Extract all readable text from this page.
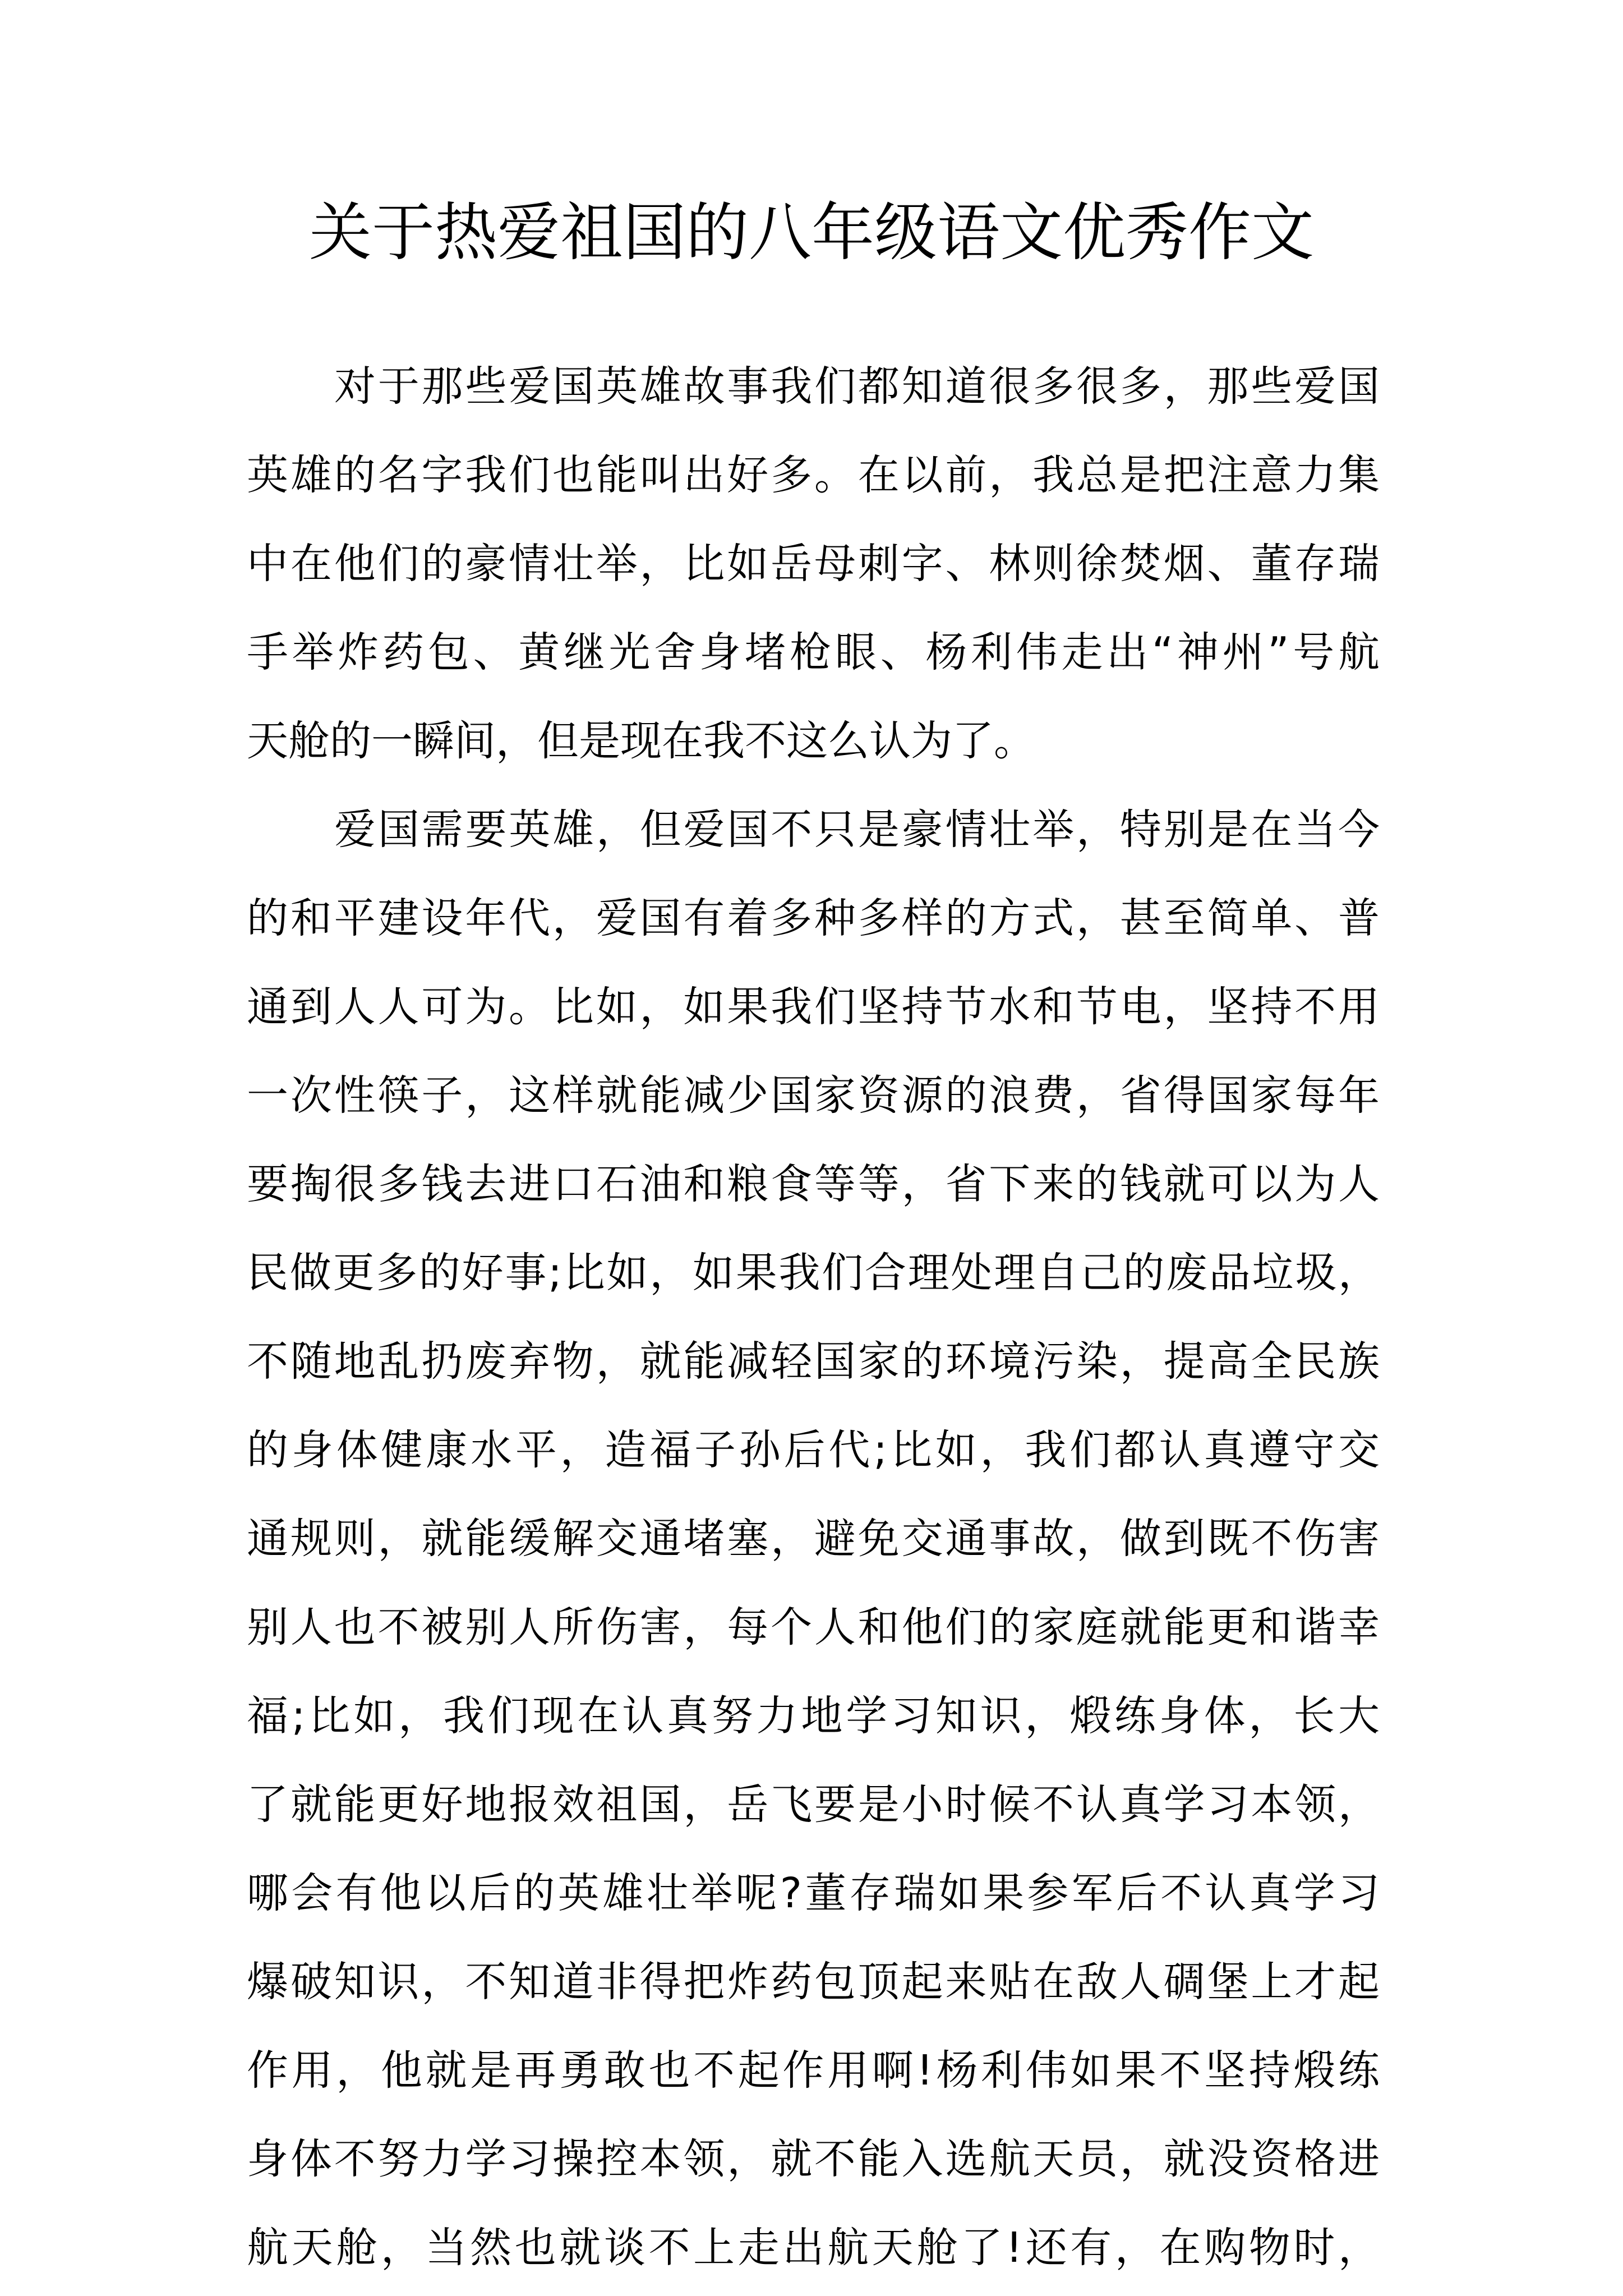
关于热爱祖国的八年级语文优秀作文
对于那些爱国英雄故事我们都知道很多很多，那些爱国
英雄的名字我们也能叫出好多。在以前，我总是把注意力集
中在他们的豪情壮举，比如岳母刺字、林则徐焚烟、董存瑞
手举炸药包、黄继光舍身堵枪眼、杨利伟走出“神州”号航
天舱的一瞬间，但是现在我不这么认为了。
爱国需要英雄，但爱国不只是豪情壮举，特别是在当今
的和平建设年代，爱国有着多种多样的方式，甚至简单、普
通到人人可为。比如，如果我们坚持节水和节电，坚持不用
一次性筷子，这样就能减少国家资源的浪费，省得国家每年
要掏很多钱去进口石油和粮食等等，省下来的钱就可以为人
民做更多的好事;比如，如果我们合理处理自己的废品垃圾，
不随地乱扔废弃物，就能减轻国家的环境污染，提高全民族
的身体健康水平，造福子孙后代;比如，我们都认真遵守交
通规则，就能缓解交通堵塞，避免交通事故，做到既不伤害
别人也不被别人所伤害，每个人和他们的家庭就能更和谐幸
福;比如，我们现在认真努力地学习知识，煅练身体，长大
了就能更好地报效祖国，岳飞要是小时候不认真学习本领，
哪会有他以后的英雄壮举呢?董存瑞如果参军后不认真学习
爆破知识，不知道非得把炸药包顶起来贴在敌人碉堡上才起
作用，他就是再勇敢也不起作用啊!杨利伟如果不坚持煅练
身体不努力学习操控本领，就不能入选航天员，就没资格进
航天舱，当然也就谈不上走出航天舱了!还有，在购物时，
